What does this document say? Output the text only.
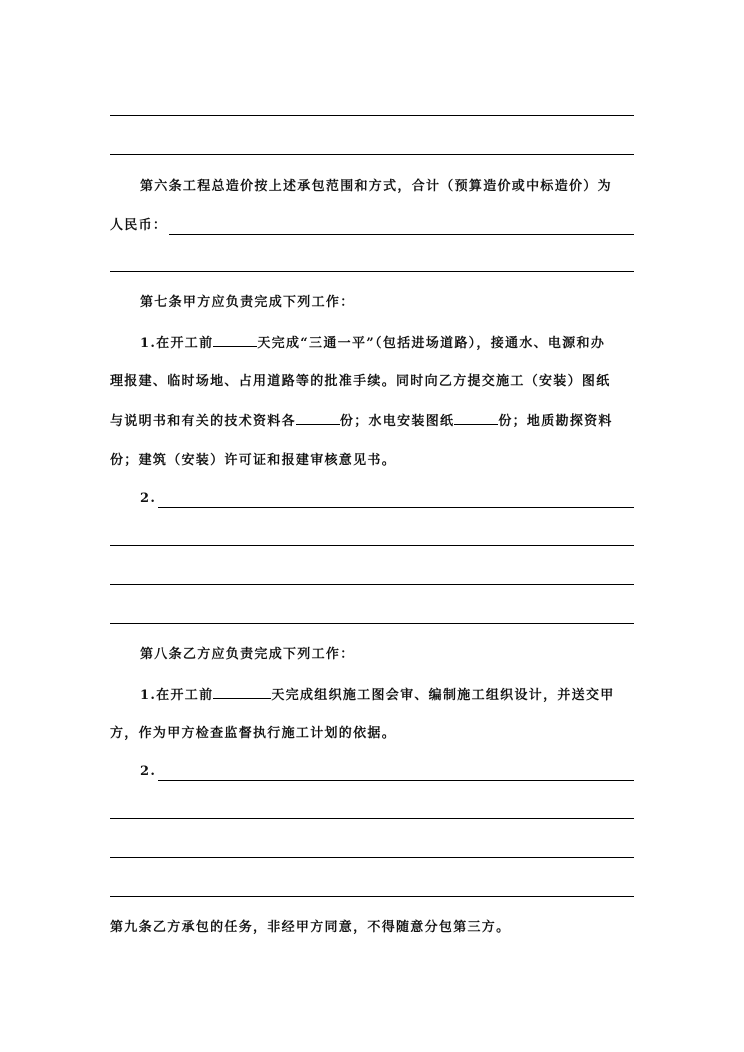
第六条工程总造价按上述承包范围和方式，合计（预算造价或中标造价）为
人民币：
第七条甲方应负责完成下列工作：
1.在开工前	天完成“三通一平”（包括进场道路），接通水、电源和办
理报建、临时场地、占用道路等的批准手续。同时向乙方提交施工（安装）图纸
与说明书和有关的技术资料各	份；水电安装图纸	份；地质勘探资料
份；建筑（安装）许可证和报建审核意见书。
2.
第八条乙方应负责完成下列工作：
1.在开工前	天完成组织施工图会审、编制施工组织设计，并送交甲
方，作为甲方检查监督执行施工计划的依据。
2.
第九条乙方承包的任务，非经甲方同意，不得随意分包第三方。
